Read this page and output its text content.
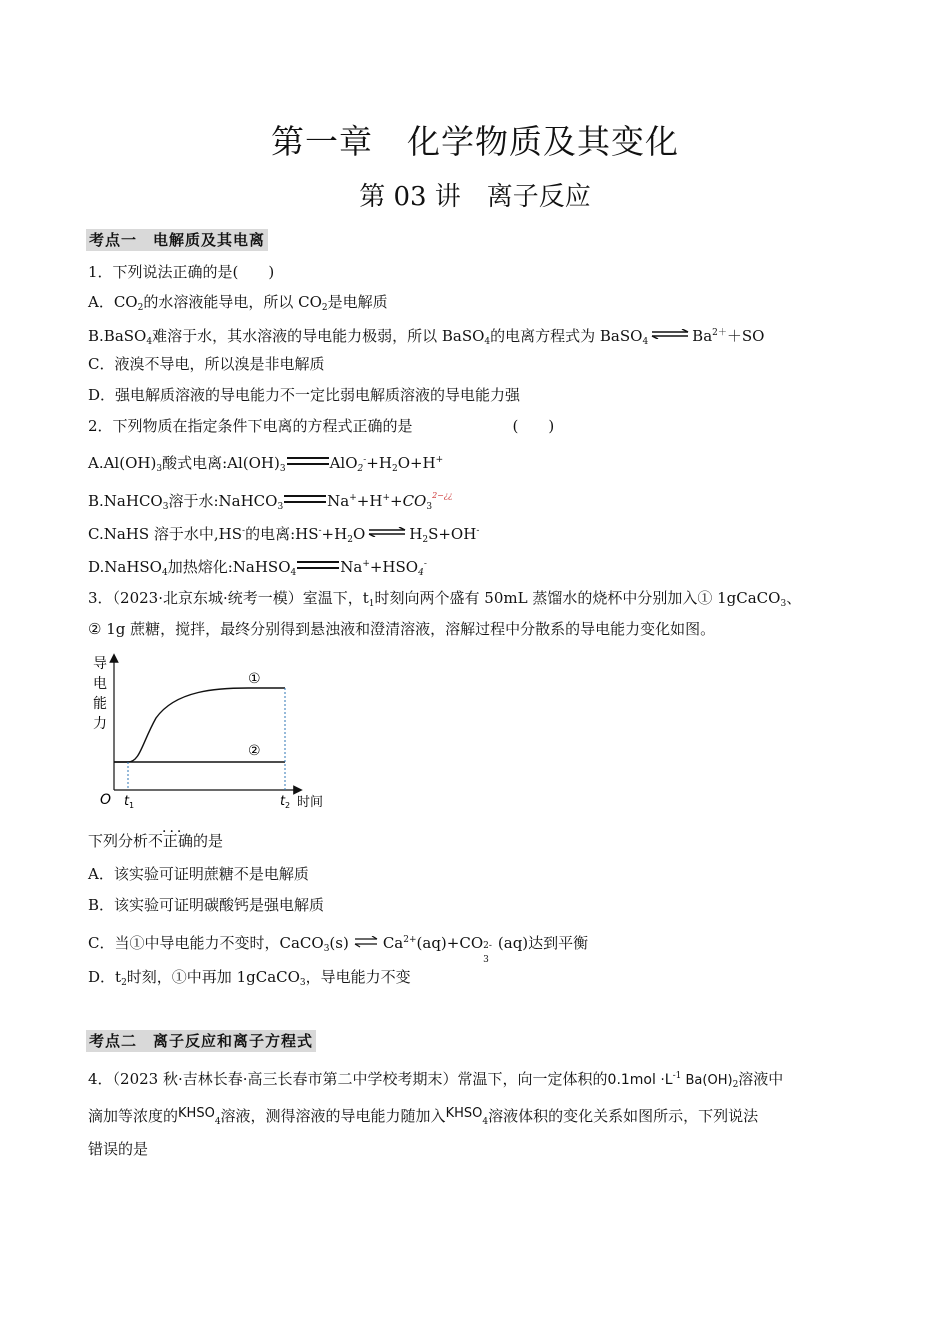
第一章　化学物质及其变化
第 03 讲　离子反应
考点一　电解质及其电离
1．下列说法正确的是(　　)
A．$CO_2$的水溶液能导电，所以 $CO_2$是电解质
B.BaSO$_4$难溶于水，其水溶液的导电能力极弱，所以 BaSO$_4$的电离方程式为 BaSO$_4$ ⇌ $Ba^{2+}+SO$
C．液溴不导电，所以溴是非电解质
D．强电解质溶液的导电能力不一定比弱电解质溶液的导电能力强
2．下列物质在指定条件下电离的方程式正确的是	(　　)
$A.Al(OH)_3$酸式电离$:Al(OH)_3$	$AlO_2^-+H_2O+H^+$
B.NaHCO$_3$溶于水:NaHCO$_3$	$Na^++H^++CO_3^{2-¿¿}$
C.NaHS 溶于水中,HS-的电离$:HS^-+H_2O$ ⇌ $H_2S+OH^-$
D.NaHSO$_4$加热熔化:NaHSO$_4$	$Na^++HSO_4^-$
3．（2023·北京东城·统考一模）室温下，$t_1$时刻向两个盛有 50mL 蒸馏水的烧杯中分别加入① 1gCaCO$_3$、
② 1g 蔗糖，搅拌，最终分别得到悬浊液和澄清溶液，溶解过程中分散系的导电能力变化如图。
导
电
能
力
①
②
O t 1	t 2 时间
下列分析不正确 ···的是
A．该实验可证明蔗糖不是电解质
B．该实验可证明碳酸钙是强电解质
C．当①中导电能力不变时，CaCO$_3$(s) ⇌ $Ca^{2+}(aq)+CO$ 2-
3
(aq)达到平衡
D．$t_2$时刻，①中再加 1gCaCO$_3$，导电能力不变
考点二　离子反应和离子方程式
4．（2023 秋·吉林长春·高三长春市第二中学校考期末）常温下，向一定体积的$0.1mol \cdot L^{-1}$ $Ba(OH)_2$溶液中
滴加等浓度的$KHSO_4$溶液，测得溶液的导电能力随加入$KHSO_4$溶液体积的变化关系如图所示，下列说法
错误的是
